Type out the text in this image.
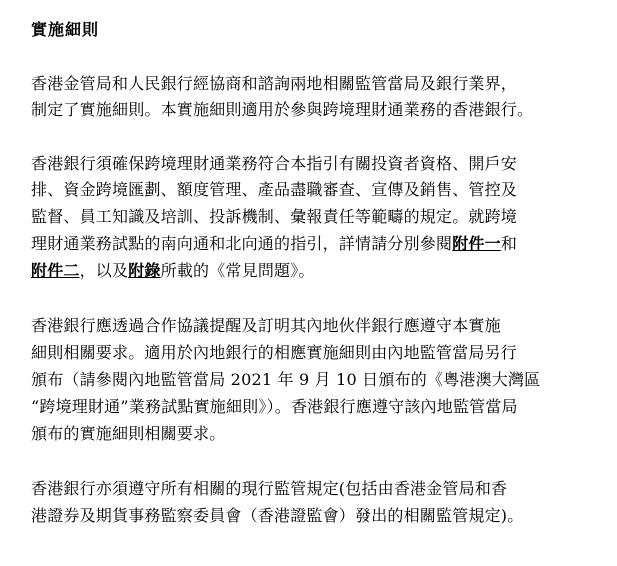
實施細則
香港金管局和人民銀行經協商和諮詢兩地相關監管當局及銀行業界，
制定了實施細則。本實施細則適用於參與跨境理財通業務的香港銀行。
香港銀行須確保跨境理財通業務符合本指引有關投資者資格、開戶安
排、資金跨境匯劃、額度管理、產品盡職審查、宣傳及銷售、管控及
監督、員工知識及培訓、投訴機制、彙報責任等範疇的規定。就跨境
理財通業務試點的南向通和北向通的指引，詳情請分別參閱附件一和
附件二，以及附錄所載的《常見問題》。
香港銀行應透過合作協議提醒及訂明其內地伙伴銀行應遵守本實施
細則相關要求。適用於內地銀行的相應實施細則由內地監管當局另行
頒布（請參閱內地監管當局 2021 年 9 月 10 日頒布的《粵港澳大灣區
“跨境理財通”業務試點實施細則》）。香港銀行應遵守該內地監管當局
頒布的實施細則相關要求。
香港銀行亦須遵守所有相關的現行監管規定(包括由香港金管局和香
港證券及期貨事務監察委員會（香港證監會）發出的相關監管規定)。
